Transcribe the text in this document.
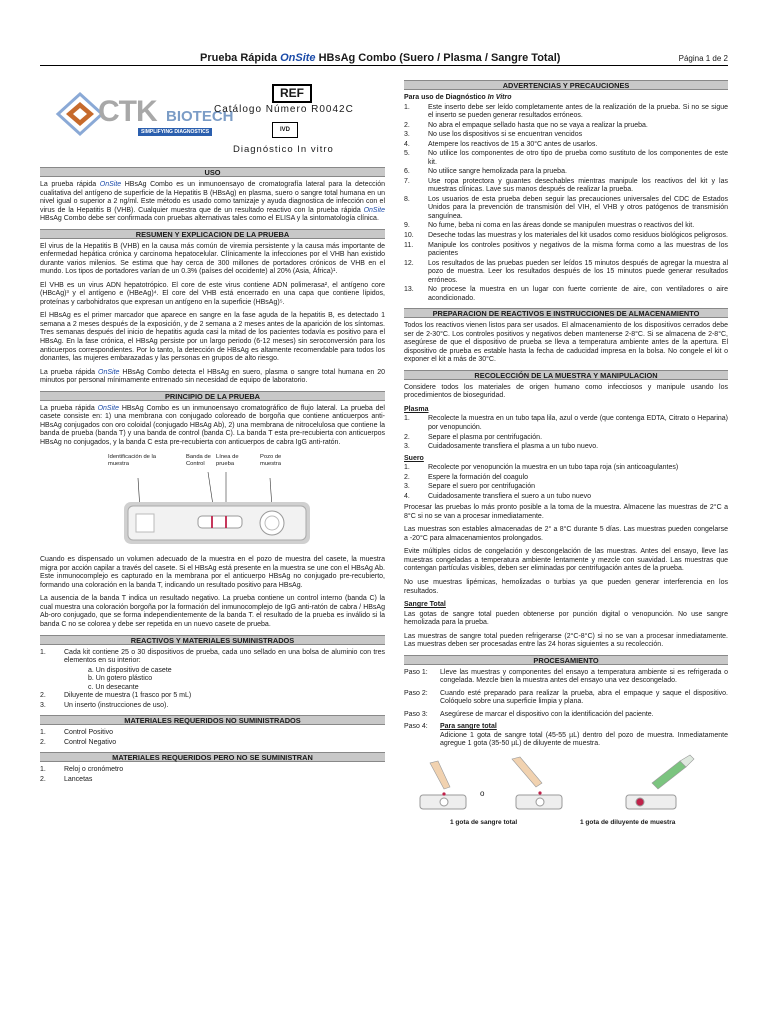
Prueba Rápida OnSite HBsAg Combo (Suero / Plasma / Sangre Total)	Página 1 de 2
CTK BIOTECH
SIMPLIFYING DIAGNOSTICS
REF
Catálogo Número R0042C
IVD
Diagnóstico In vitro
USO

La prueba rápida OnSite HBsAg Combo es un inmunoensayo de cromatografía lateral para la detección cualitativa del antígeno de superficie de la Hepatitis B (HBsAg) en plasma, suero o sangre total humana en un nivel igual o superior a 2 ng/ml. Este método es usado como tamizaje y ayuda diagnostica de infección con el virus de la Hepatitis B (VHB). Cualquier muestra que de un resultado reactivo con la prueba rápida OnSite HBsAg Combo debe ser confirmada con pruebas alternativas tales como el ELISA y la sintomatología clínica.

RESUMEN Y EXPLICACION DE LA PRUEBA

El virus de la Hepatitis B (VHB) en la causa más común de viremia persistente y la causa más importante de enfermedad hepática crónica y carcinoma hepatocelular. Clínicamente la infecciones por el VHB han existido durante varios milenios. Se estima que hay cerca de 300 millones de portadores crónicos de VHB en el mundo. Los tipos de portadores varían de un 0.3% (países del occidente) al 20% (Asia, África)¹.

El VHB es un virus ADN hepatotrópico. El core de este virus contiene ADN polimerasa², el antígeno core (HBcAg)³ y el antígeno e (HBeAg)⁴. El core del VHB está encerrado en una capa que contiene lípidos, proteínas y carbohidratos que expresan un antígeno en la superficie (HBsAg)⁵.

El HBsAg es el primer marcador que aparece en sangre en la fase aguda de la hepatitis B, es detectado 1 semana a 2 meses después de la exposición, y de 2 semana a 2 meses antes de la aparición de los síntomas. Tres semanas después del inicio de hepatitis aguda casi la mitad de los pacientes todavía es positivo para el HBsAg. En la fase crónica, el HBsAg persiste por un largo periodo (6-12 meses) sin seroconversión para los anticuerpos correspondientes. Por lo tanto, la detección de HBsAg es altamente recomendable para todos los donantes, las mujeres embarazadas y las personas en grupos de alto riesgo.

La prueba rápida OnSite HBsAg Combo detecta el HBsAg en suero, plasma o sangre total humana en 20 minutos por personal mínimamente entrenado sin necesidad de equipo de laboratorio.

PRINCIPIO DE LA PRUEBA

La prueba rápida OnSite HBsAg Combo es un inmunoensayo cromatográfico de flujo lateral. La prueba del casete consiste en: 1) una membrana con conjugado coloreado de borgoña que contiene anticuerpos anti-HBsAg conjugados con oro coloidal (conjugado HBsAg Ab), 2) una membrana de nitrocelulosa que contiene la banda de prueba (banda T) y una banda de control (banda C). La banda T esta pre-recubierta con anticuerpos HBsAg no conjugados, y la banda C esta pre-recubierta con anticuerpos de cabra IgG anti-ratón.

Identificación de la muestra
Banda de Control
Línea de prueba
Pozo de muestra

Cuando es dispensado un volumen adecuado de la muestra en el pozo de muestra del casete, la muestra migra por acción capilar a través del casete. Si el HBsAg está presente en la muestra se une con el HBsAg Ab. Este inmunocomplejo es capturado en la membrana por el anticuerpo HBsAg no conjugado pre-recubierto, formando una coloración en la banda T, indicando un resultado positivo para HBsAg.

La ausencia de la banda T indica un resultado negativo. La prueba contiene un control interno (banda C) la cual muestra una coloración borgoña por la formación del inmunocomplejo de IgG anti-ratón de cabra / HBsAg Ab-oro conjugado, que se forma independientemente de la banda T. el resultado de la prueba es inválido si la banda C no se colorea y debe ser repetida en un nuevo casete de prueba.

REACTIVOS Y MATERIALES SUMINISTRADOS
1.	Cada kit contiene 25 o 30 dispositivos de prueba, cada uno sellado en una bolsa de aluminio con tres elementos en su interior:
a. Un dispositivo de casete
b. Un gotero plástico
c. Un desecante
2.	Diluyente de muestra (1 frasco por 5 mL)
3.	Un inserto (instrucciones de uso).
MATERIALES REQUERIDOS NO SUMINISTRADOS
1.	Control Positivo
2.	Control Negativo
MATERIALES REQUERIDOS PERO NO SE SUMINISTRAN
1.	Reloj o cronómetro
2.	Lancetas
ADVERTENCIAS Y PRECAUCIONES
Para uso de Diagnóstico In Vitro
1.	Este inserto debe ser leído completamente antes de la realización de la prueba. Si no se sigue el inserto se pueden generar resultados erróneos.
2.	No abra el empaque sellado hasta que no se vaya a realizar la prueba.
3.	No use los dispositivos si se encuentran vencidos
4.	Atempere los reactivos de 15 a 30°C antes de usarlos.
5.	No utilice los componentes de otro tipo de prueba como sustituto de los componentes de este kit.
6.	No utilice sangre hemolizada para la prueba.
7.	Use ropa protectora y guantes desechables mientras manipule los reactivos del kit y las muestras clínicas. Lave sus manos después de realizar la prueba.
8.	Los usuarios de esta prueba deben seguir las precauciones universales del CDC de Estados Unidos para la prevención de transmisión del VIH, el VHB y otros patógenos de transmisión sanguínea.
9.	No fume, beba ni coma en las áreas donde se manipulen muestras o reactivos del kit.
10.	Deseche todas las muestras y los materiales del kit usados como residuos biológicos peligrosos.
11.	Manipule los controles positivos y negativos de la misma forma como a las muestras de los pacientes
12.	Los resultados de las pruebas pueden ser leídos 15 minutos después de agregar la muestra al pozo de muestra. Leer los resultados después de los 15 minutos puede generar resultados erróneos.
13.	No procese la muestra en un lugar con fuerte corriente de aire, con ventiladores o aire acondicionado.
PREPARACION DE REACTIVOS E INSTRUCCIONES DE ALMACENAMIENTO

Todos los reactivos vienen listos para ser usados. El almacenamiento de los dispositivos cerrados debe ser de 2-30°C. Los controles positivos y negativos deben mantenerse 2-8°C. Si se almacena de 2-8°C, asegúrese de que el dispositivo de prueba se lleva a temperatura ambiente antes de la apertura. El dispositivo de prueba es estable hasta la fecha de caducidad impresa en la bolsa. No congele el kit o exponer el kit a más de 30°C.

RECOLECCIÓN DE LA MUESTRA Y MANIPULACION

Considere todos los materiales de origen humano como infecciosos y manipule usando los procedimientos de bioseguridad.

Plasma
1.	Recolecte la muestra en un tubo tapa lila, azul o verde (que contenga EDTA, Citrato o Heparina) por venopunción.
2.	Separe el plasma por centrifugación.
3.	Cuidadosamente transfiera el plasma a un tubo nuevo.
Suero
1.	Recolecte por venopunción la muestra en un tubo tapa roja (sin anticoagulantes)
2.	Espere la formación del coagulo
3.	Separe el suero por centrifugación
4.	Cuidadosamente transfiera el suero a un tubo nuevo

Procesar las pruebas lo más pronto posible a la toma de la muestra. Almacene las muestras de 2°C a 8°C si no se van a procesar inmediatamente.

Las muestras son estables almacenadas de 2° a 8°C durante 5 días. Las muestras pueden congelarse a -20°C para almacenamientos prolongados.

Evite múltiples ciclos de congelación y descongelación de las muestras. Antes del ensayo, lleve las muestras congeladas a temperatura ambiente lentamente y mezcle con suavidad. Las muestras que contengan partículas visibles, deben ser eliminadas por centrifugación antes de la prueba.

No use muestras lipémicas, hemolizadas o turbias ya que pueden generar interferencia en los resultados.

Sangre Total

Las gotas de sangre total pueden obtenerse por punción digital o venopunción. No use sangre hemolizada para la prueba.

Las muestras de sangre total pueden refrigerarse (2°C-8°C) si no se van a procesar inmediatamente. Las muestras deben ser procesadas entre las 24 horas siguientes a su recolección.

PROCESAMIENTO
Paso 1:	Lleve las muestras y componentes del ensayo a temperatura ambiente si es refrigerada o congelada. Mezcle bien la muestra antes del ensayo una vez descongelado.
Paso 2:	Cuando esté preparado para realizar la prueba, abra el empaque y saque el dispositivo. Colóquelo sobre una superficie limpia y plana.
Paso 3:	Asegúrese de marcar el dispositivo con la identificación del paciente.
Paso 4:	Para sangre total
Adicione 1 gota de sangre total (45-55 µL) dentro del pozo de muestra. Inmediatamente agregue 1 gota (35-50 µL) de diluyente de muestra.
o
1 gota de sangre total	1 gota de diluyente de muestra
